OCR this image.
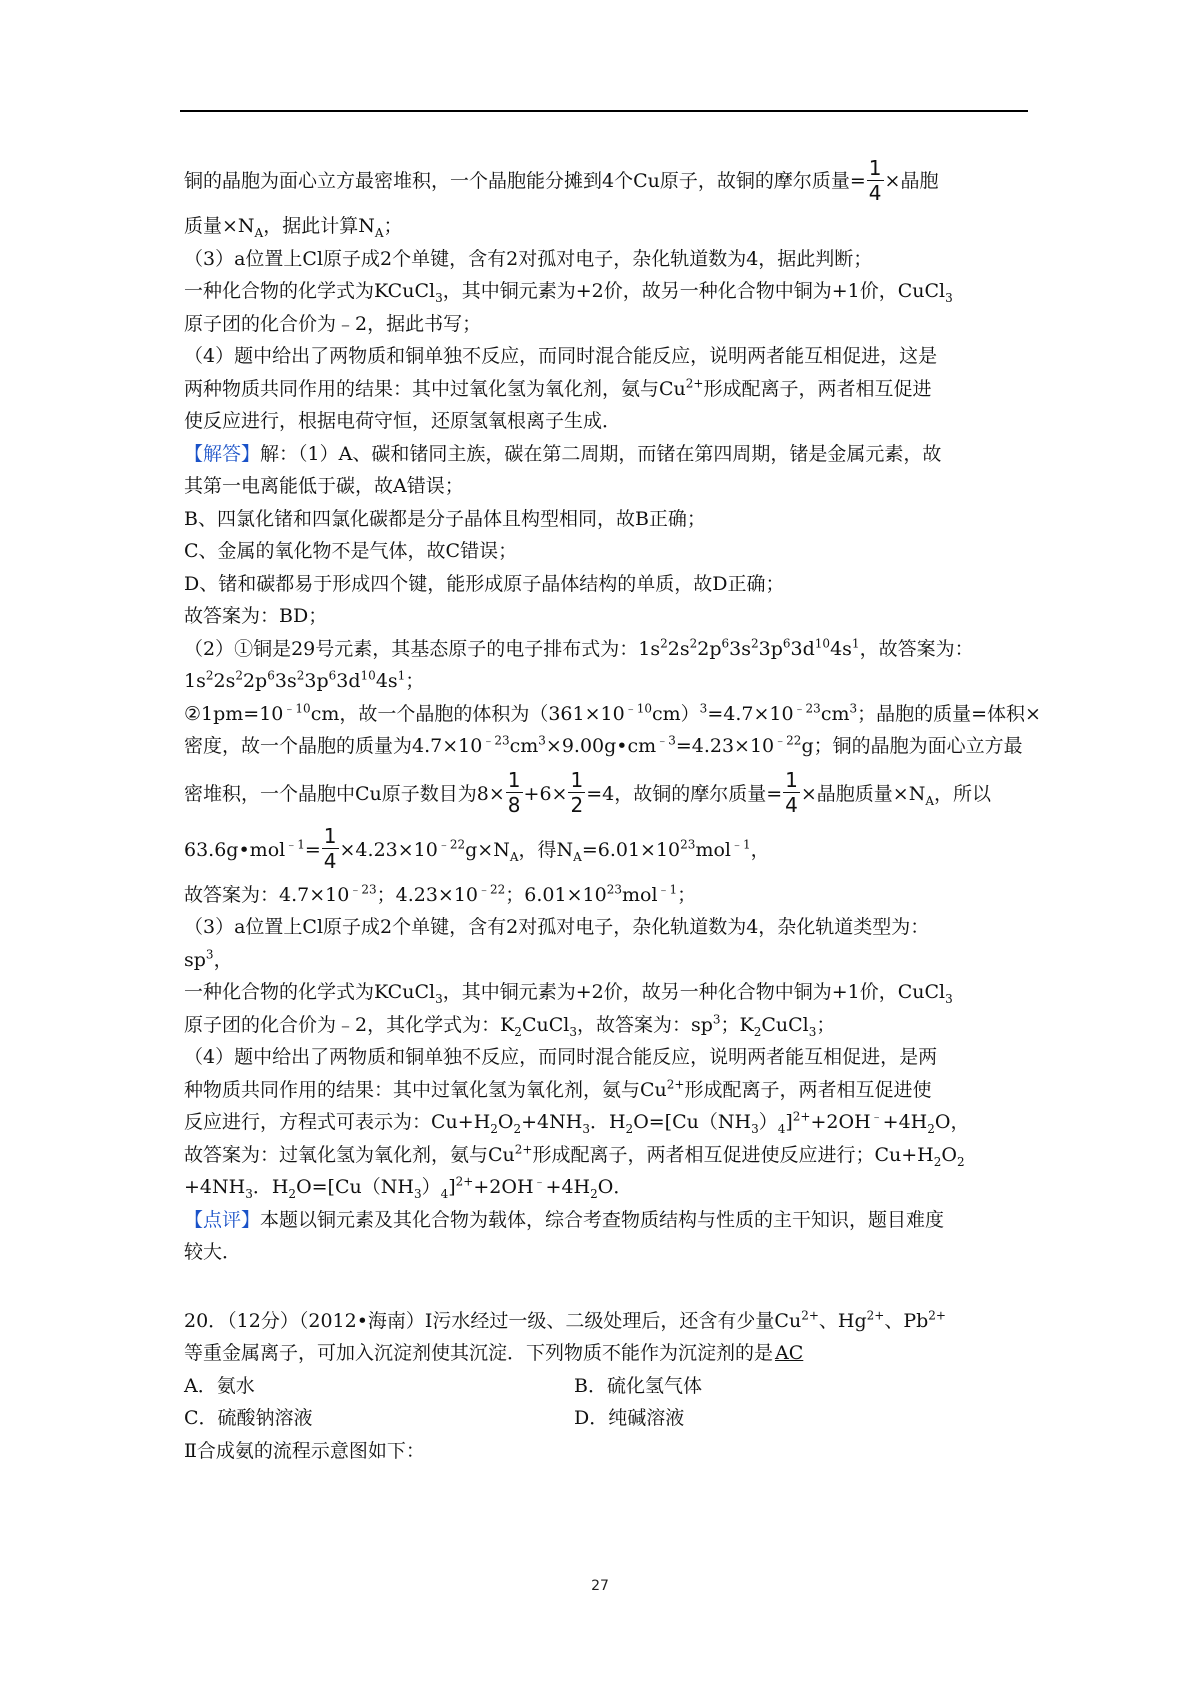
铜的晶胞为面心立方最密堆积，一个晶胞能分摊到4个Cu原子，故铜的摩尔质量= $\frac{1}{4}$ ×晶胞
质量$\times N_A$，据此计算$N_A$；
（3）a位置上Cl原子成2个单键，含有2对孤对电子，杂化轨道数为4，据此判断；
一种化合物的化学式为KCuCl$_3$，其中铜元素为+2价，故另一种化合物中铜为+1价，CuCl$_3$
原子团的化合价为﹣2，据此书写；
（4）题中给出了两物质和铜单独不反应，而同时混合能反应，说明两者能互相促进，这是
两种物质共同作用的结果：其中过氧化氢为氧化剂，氨与$Cu^{2+}$形成配离子，两者相互促进
使反应进行，根据电荷守恒，还原氢氧根离子生成．
【解答】解：（1）A、碳和锗同主族，碳在第二周期，而锗在第四周期，锗是金属元素，故
其第一电离能低于碳，故A错误；
B、四氯化锗和四氯化碳都是分子晶体且构型相同，故B正确；
C、金属的氧化物不是气体，故C错误；
D、锗和碳都易于形成四个键，能形成原子晶体结构的单质，故D正确；
故答案为：BD；
（2）①铜是29号元素，其基态原子的电子排布式为：$1s^22s^22p^63s^23p^63d^{10}4s^1$，故答案为：
$1s^22s^22p^63s^23p^63d^{10}4s^1$；
$②1pm=10^{﹣10}cm$，故一个晶胞的体积为$(361\times 10^{﹣10}cm)^3=4.7\times 10^{﹣23}cm^3$；晶胞的质量=体积×
密度，故一个晶胞的质量为$4.7\times 10^{﹣23}cm^3\times 9.00g•cm^{﹣3}=4.23\times 10^{﹣22}g$；铜的晶胞为面心立方最
密堆积，一个晶胞中Cu原子数目为$8\times \frac{1}{8} +6\times \frac{1}{2} =4$，故铜的摩尔质量= $\frac{1}{4}$ ×晶胞质量$\times N_A$，所以
63.6g•mol$^{﹣1}$= $\frac{1}{4} \times 4.23\times 10^{﹣22}g\times N_A$，得$N_A=6.01\times 10^{23}mol^{﹣1}$，
故答案为：$4.7\times 10^{﹣23}$；$4.23\times 10^{﹣22}$；$6.01\times 10^{23}mol^{﹣1}$；
（3）a位置上Cl原子成2个单键，含有2对孤对电子，杂化轨道数为4，杂化轨道类型为：
$sp^3$，
一种化合物的化学式为KCuCl$_3$，其中铜元素为+2价，故另一种化合物中铜为+1价，CuCl$_3$
原子团的化合价为﹣2，其化学式为：$K_2CuCl_3$，故答案为：$sp^3$；$K_2CuCl_3$；
（4）题中给出了两物质和铜单独不反应，而同时混合能反应，说明两者能互相促进，是两
种物质共同作用的结果：其中过氧化氢为氧化剂，氨与$Cu^{2+}$形成配离子，两者相互促进使
反应进行，方程式可表示为：$Cu+H_2O_2+4NH_3$．$H_2O=[Cu(NH_3)_4]^{2+}+2OH^﹣+4H_2O$，
故答案为：过氧化氢为氧化剂，氨与$Cu^{2+}$形成配离子，两者相互促进使反应进行；$Cu+H_2O_2$
$+4NH_3$．$H_2O=[Cu(NH_3)_4]^{2+}+2OH^﹣+4H_2O$．
【点评】本题以铜元素及其化合物为载体，综合考查物质结构与性质的主干知识，题目难度
较大．
20．（12分）（2012•海南）Ⅰ污水经过一级、二级处理后，还含有少量$Cu^{2+}$、$Hg^{2+}$、$Pb^{2+}$
等重金属离子，可加入沉淀剂使其沉淀．下列物质不能作为沉淀剂的是 AC
A．氨水	B．硫化氢气体
C．硫酸钠溶液	D．纯碱溶液
Ⅱ合成氨的流程示意图如下：
27
